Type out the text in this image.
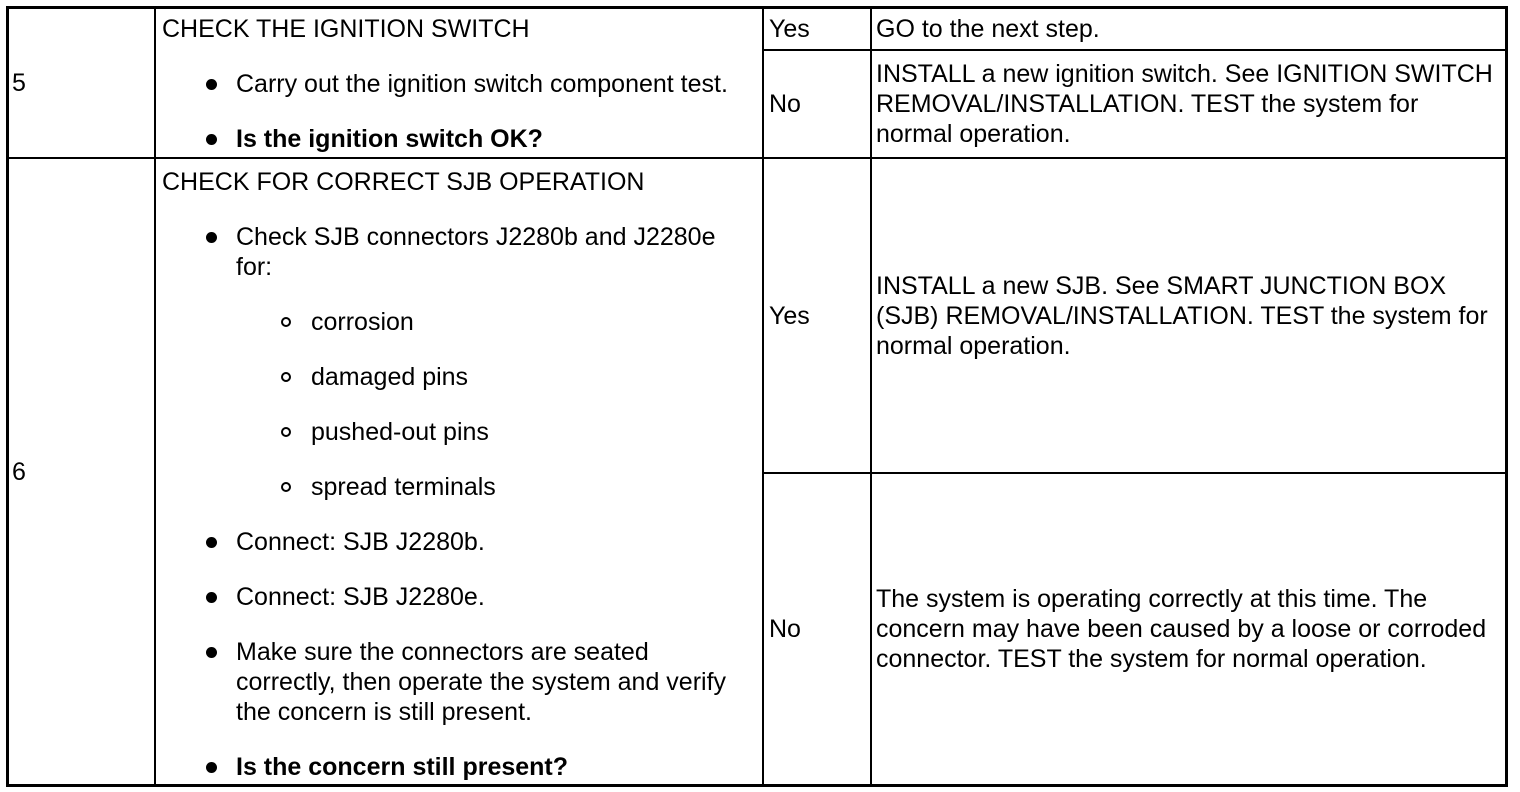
5
CHECK THE IGNITION SWITCH
Carry out the ignition switch component test.
Is the ignition switch OK?
Yes	GO to the next step.
No
INSTALL a new ignition switch. See IGNITION SWITCH
REMOVAL/INSTALLATION. TEST the system for
normal operation.
6
CHECK FOR CORRECT SJB OPERATION
Check SJB connectors J2280b and J2280e
for:
corrosion
damaged pins
pushed-out pins
spread terminals
Connect: SJB J2280b.
Connect: SJB J2280e.
Make sure the connectors are seated
correctly, then operate the system and verify
the concern is still present.
Is the concern still present?
Yes
INSTALL a new SJB. See SMART JUNCTION BOX
(SJB) REMOVAL/INSTALLATION. TEST the system for
normal operation.
No
The system is operating correctly at this time. The
concern may have been caused by a loose or corroded
connector. TEST the system for normal operation.
